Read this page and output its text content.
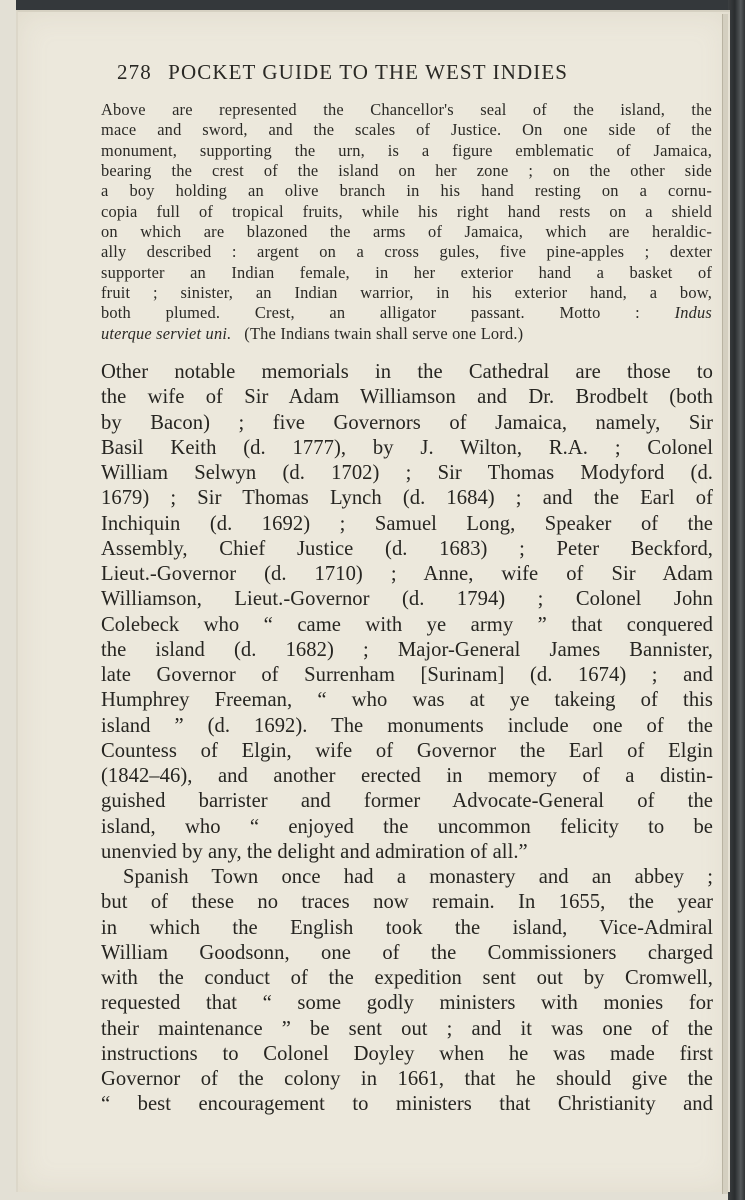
278 POCKET GUIDE TO THE WEST INDIES
Above are represented the Chancellor's seal of the island, the
mace and sword, and the scales of Justice. On one side of the
monument, supporting the urn, is a figure emblematic of Jamaica,
bearing the crest of the island on her zone ; on the other side
a boy holding an olive branch in his hand resting on a cornu-
copia full of tropical fruits, while his right hand rests on a shield
on which are blazoned the arms of Jamaica, which are heraldic-
ally described : argent on a cross gules, five pine-apples ; dexter
supporter an Indian female, in her exterior hand a basket of
fruit ; sinister, an Indian warrior, in his exterior hand, a bow,
both plumed. Crest, an alligator passant. Motto : Indus
uterque serviet uni. (The Indians twain shall serve one Lord.)
Other notable memorials in the Cathedral are those to
the wife of Sir Adam Williamson and Dr. Brodbelt (both
by Bacon) ; five Governors of Jamaica, namely, Sir
Basil Keith (d. 1777), by J. Wilton, R.A. ; Colonel
William Selwyn (d. 1702) ; Sir Thomas Modyford (d.
1679) ; Sir Thomas Lynch (d. 1684) ; and the Earl of
Inchiquin (d. 1692) ; Samuel Long, Speaker of the
Assembly, Chief Justice (d. 1683) ; Peter Beckford,
Lieut.-Governor (d. 1710) ; Anne, wife of Sir Adam
Williamson, Lieut.-Governor (d. 1794) ; Colonel John
Colebeck who “ came with ye army ” that conquered
the island (d. 1682) ; Major-General James Bannister,
late Governor of Surrenham [Surinam] (d. 1674) ; and
Humphrey Freeman, “ who was at ye takeing of this
island ” (d. 1692). The monuments include one of the
Countess of Elgin, wife of Governor the Earl of Elgin
(1842–46), and another erected in memory of a distin-
guished barrister and former Advocate-General of the
island, who “ enjoyed the uncommon felicity to be
unenvied by any, the delight and admiration of all.”
Spanish Town once had a monastery and an abbey ;
but of these no traces now remain. In 1655, the year
in which the English took the island, Vice-Admiral
William Goodsonn, one of the Commissioners charged
with the conduct of the expedition sent out by Cromwell,
requested that “ some godly ministers with monies for
their maintenance ” be sent out ; and it was one of the
instructions to Colonel Doyley when he was made first
Governor of the colony in 1661, that he should give the
“ best encouragement to ministers that Christianity and
